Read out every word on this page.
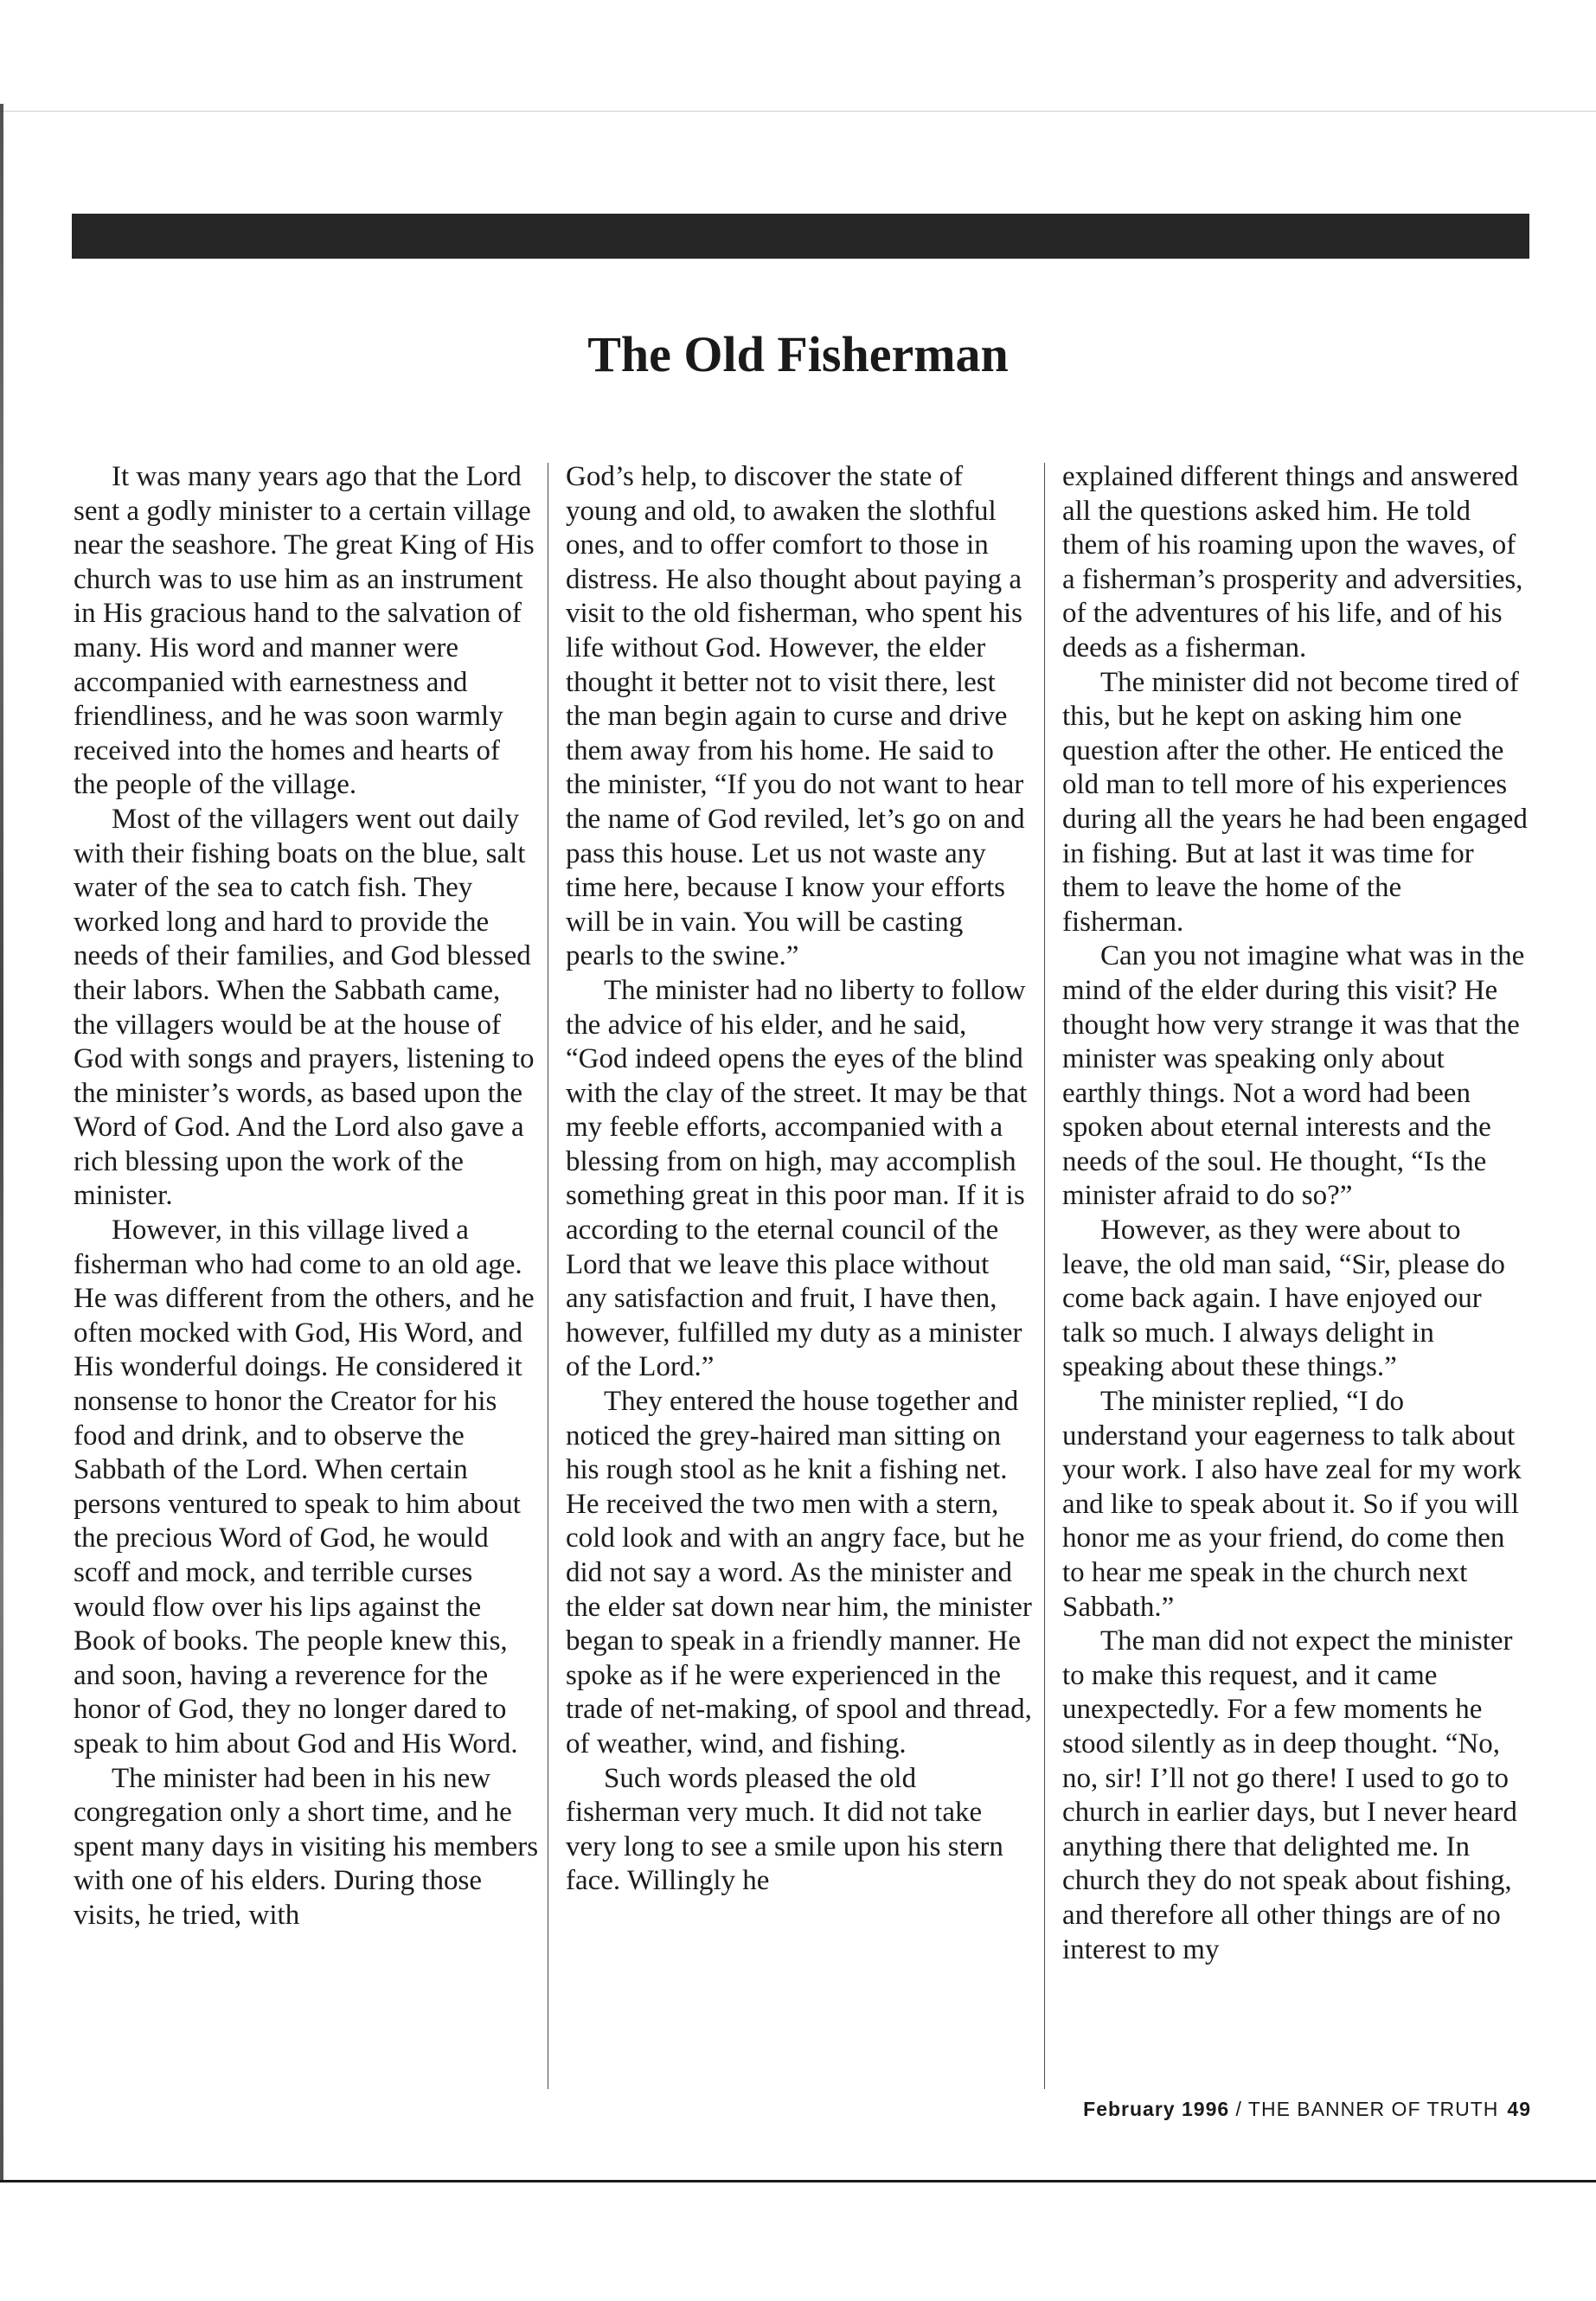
The Old Fisherman

It was many years ago that the Lord sent a godly minister to a certain village near the seashore. The great King of His church was to use him as an instrument in His gracious hand to the salvation of many. His word and manner were accompanied with earnestness and friendliness, and he was soon warmly received into the homes and hearts of the people of the village.

Most of the villagers went out daily with their fishing boats on the blue, salt water of the sea to catch fish. They worked long and hard to provide the needs of their families, and God blessed their labors. When the Sabbath came, the villagers would be at the house of God with songs and prayers, listening to the minister’s words, as based upon the Word of God. And the Lord also gave a rich blessing upon the work of the minister.

However, in this village lived a fisherman who had come to an old age. He was different from the others, and he often mocked with God, His Word, and His wonderful doings. He considered it nonsense to honor the Creator for his food and drink, and to observe the Sabbath of the Lord. When certain persons ventured to speak to him about the precious Word of God, he would scoff and mock, and terrible curses would flow over his lips against the Book of books. The people knew this, and soon, having a reverence for the honor of God, they no longer dared to speak to him about God and His Word.

The minister had been in his new congregation only a short time, and he spent many days in visiting his members with one of his elders. During those visits, he tried, with

God’s help, to discover the state of young and old, to awaken the slothful ones, and to offer comfort to those in distress. He also thought about paying a visit to the old fisherman, who spent his life without God. However, the elder thought it better not to visit there, lest the man begin again to curse and drive them away from his home. He said to the minister, “If you do not want to hear the name of God reviled, let’s go on and pass this house. Let us not waste any time here, because I know your efforts will be in vain. You will be casting pearls to the swine.”

The minister had no liberty to follow the advice of his elder, and he said, “God indeed opens the eyes of the blind with the clay of the street. It may be that my feeble efforts, accompanied with a blessing from on high, may accomplish something great in this poor man. If it is according to the eternal council of the Lord that we leave this place without any satisfaction and fruit, I have then, however, fulfilled my duty as a minister of the Lord.”

They entered the house together and noticed the grey-haired man sitting on his rough stool as he knit a fishing net. He received the two men with a stern, cold look and with an angry face, but he did not say a word. As the minister and the elder sat down near him, the minister began to speak in a friendly manner. He spoke as if he were experienced in the trade of net-making, of spool and thread, of weather, wind, and fishing.

Such words pleased the old fisherman very much. It did not take very long to see a smile upon his stern face. Willingly he

explained different things and answered all the questions asked him. He told them of his roaming upon the waves, of a fisherman’s prosperity and adversities, of the adventures of his life, and of his deeds as a fisherman.

The minister did not become tired of this, but he kept on asking him one question after the other. He enticed the old man to tell more of his experiences during all the years he had been engaged in fishing. But at last it was time for them to leave the home of the fisherman.

Can you not imagine what was in the mind of the elder during this visit? He thought how very strange it was that the minister was speaking only about earthly things. Not a word had been spoken about eternal interests and the needs of the soul. He thought, “Is the minister afraid to do so?”

However, as they were about to leave, the old man said, “Sir, please do come back again. I have enjoyed our talk so much. I always delight in speaking about these things.”

The minister replied, “I do understand your eagerness to talk about your work. I also have zeal for my work and like to speak about it. So if you will honor me as your friend, do come then to hear me speak in the church next Sabbath.”

The man did not expect the minister to make this request, and it came unexpectedly. For a few moments he stood silently as in deep thought. “No, no, sir! I’ll not go there! I used to go to church in earlier days, but I never heard anything there that delighted me. In church they do not speak about fishing, and therefore all other things are of no interest to my

February 1996 / THE BANNER OF TRUTH 49
